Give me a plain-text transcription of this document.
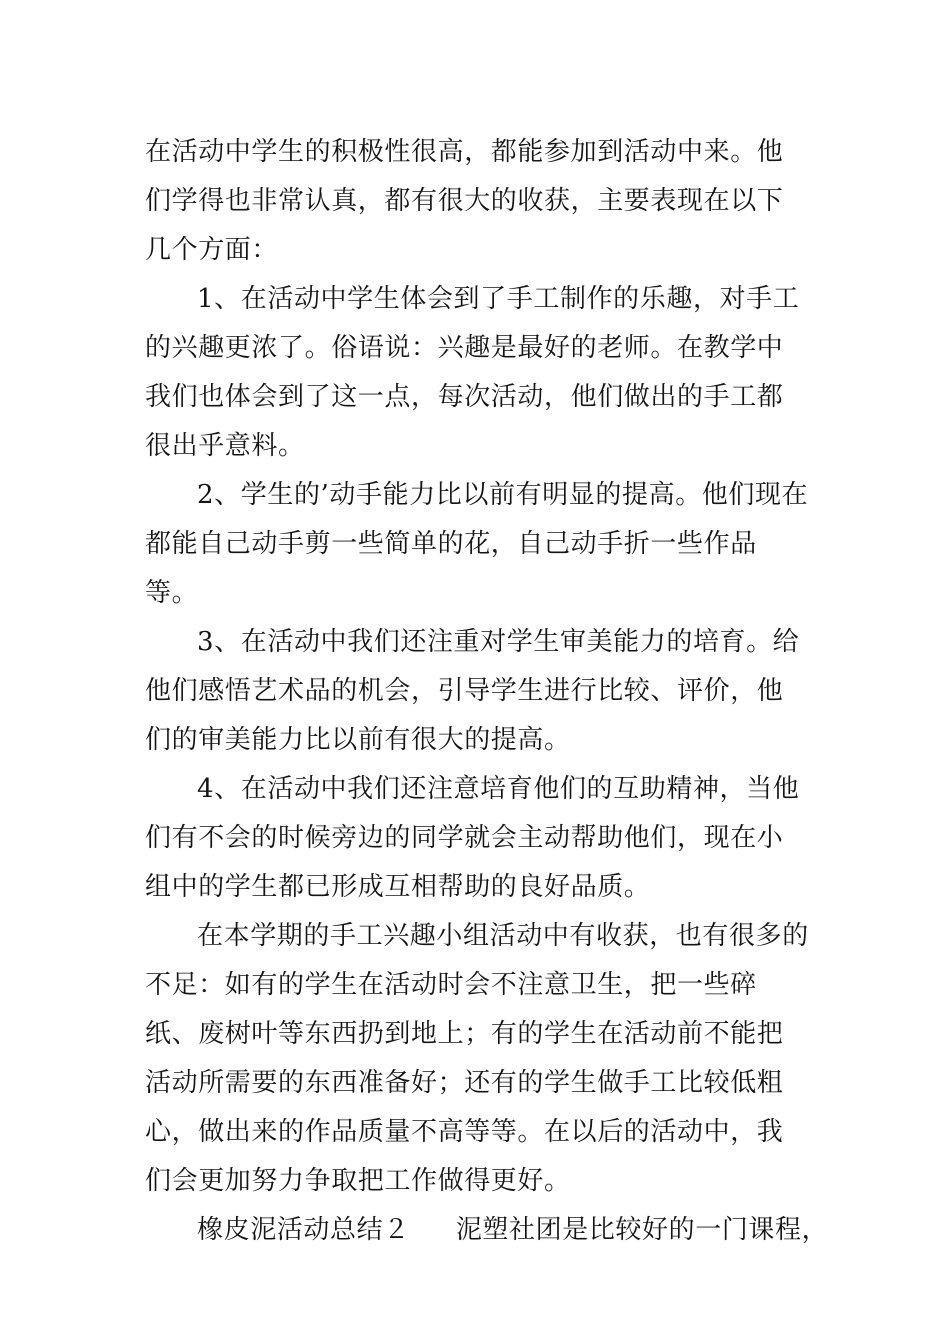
在活动中学生的积极性很高，都能参加到活动中来。他们学得也非常认真，都有很大的收获，主要表现在以下几个方面：

1、在活动中学生体会到了手工制作的乐趣，对手工的兴趣更浓了。俗语说：兴趣是最好的老师。在教学中我们也体会到了这一点，每次活动，他们做出的手工都很出乎意料。

2、学生的’动手能力比以前有明显的提高。他们现在都能自己动手剪一些简单的花，自己动手折一些作品等。

3、在活动中我们还注重对学生审美能力的培育。给他们感悟艺术品的机会，引导学生进行比较、评价，他们的审美能力比以前有很大的提高。

4、在活动中我们还注意培育他们的互助精神，当他们有不会的时候旁边的同学就会主动帮助他们，现在小组中的学生都已形成互相帮助的良好品质。

在本学期的手工兴趣小组活动中有收获，也有很多的不足：如有的学生在活动时会不注意卫生，把一些碎纸、废树叶等东西扔到地上；有的学生在活动前不能把活动所需要的东西准备好；还有的学生做手工比较低粗心，做出来的作品质量不高等等。在以后的活动中，我们会更加努力争取把工作做得更好。

橡皮泥活动总结２ 泥塑社团是比较好的一门课程，
